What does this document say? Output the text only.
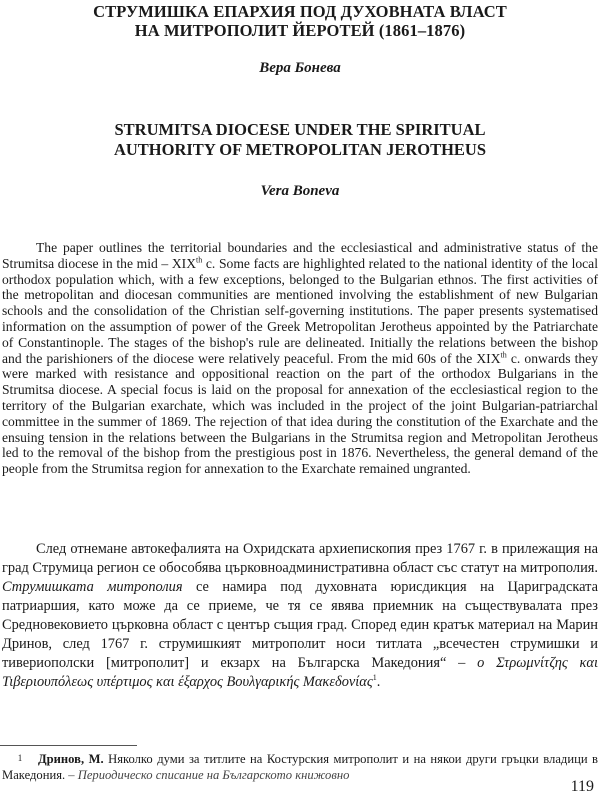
СТРУМИШКА ЕПАРХИЯ ПОД ДУХОВНАТА ВЛАСТ
НА МИТРОПОЛИТ ЙЕРОТЕЙ (1861–1876)
Вера Бонева
STRUMITSA DIOCESE UNDER THE SPIRITUAL
AUTHORITY OF METROPOLITAN JEROTHEUS
Vera Boneva

The paper outlines the territorial boundaries and the ecclesiastical and administrative status of the Strumitsa diocese in the mid – XIXth c. Some facts are highlighted related to the national identity of the local orthodox population which, with a few exceptions, belonged to the Bulgarian ethnos. The first activities of the metropolitan and diocesan communities are mentioned involving the establishment of new Bulgarian schools and the consolidation of the Christian self-governing institutions. The paper presents systematised information on the assumption of power of the Greek Metropolitan Jerotheus appointed by the Patriarchate of Constantinople. The stages of the bishop's rule are delineated. Initially the relations between the bishop and the parishioners of the diocese were relatively peaceful. From the mid 60s of the XIXth c. onwards they were marked with resistance and oppositional reaction on the part of the orthodox Bulgarians in the Strumitsa diocese. A special focus is laid on the proposal for annexation of the ecclesiastical region to the territory of the Bulgarian exarchate, which was included in the project of the joint Bulgarian-patriarchal committee in the summer of 1869. The rejection of that idea during the constitution of the Exarchate and the ensuing tension in the relations between the Bulgarians in the Strumitsa region and Metropolitan Jerotheus led to the removal of the bishop from the prestigious post in 1876. Nevertheless, the general demand of the people from the Strumitsa region for annexation to the Exarchate remained ungranted.

След отнемане автокефалията на Охридската архиепископия през 1767 г. в прилежащия на град Струмица регион се обособява църковноадминистративна област със статут на митрополия. Струмишката митрополия се намира под духовната юрисдикция на Цариградската патриаршия, като може да се приеме, че тя се явява приемник на съществувалата през Средновековието църковна област с център същия град. Според един кратък материал на Марин Дринов, след 1767 г. струмишкият митрополит носи титлата „всечестен струмишки и тивериополски [митрополит] и екзарх на Българска Македония“ – ο Στρωμνίτζης και Τιβεριουπόλεως υπέρτιμος και έξαρχος Βουλγαρικής Μακεδονίας$^1$.

1 Дринов, М. Няколко думи за титлите на Костурския митрополит и на някои други гръцки владици в Македония. – Периодическо списание на Българското книжовно

119
